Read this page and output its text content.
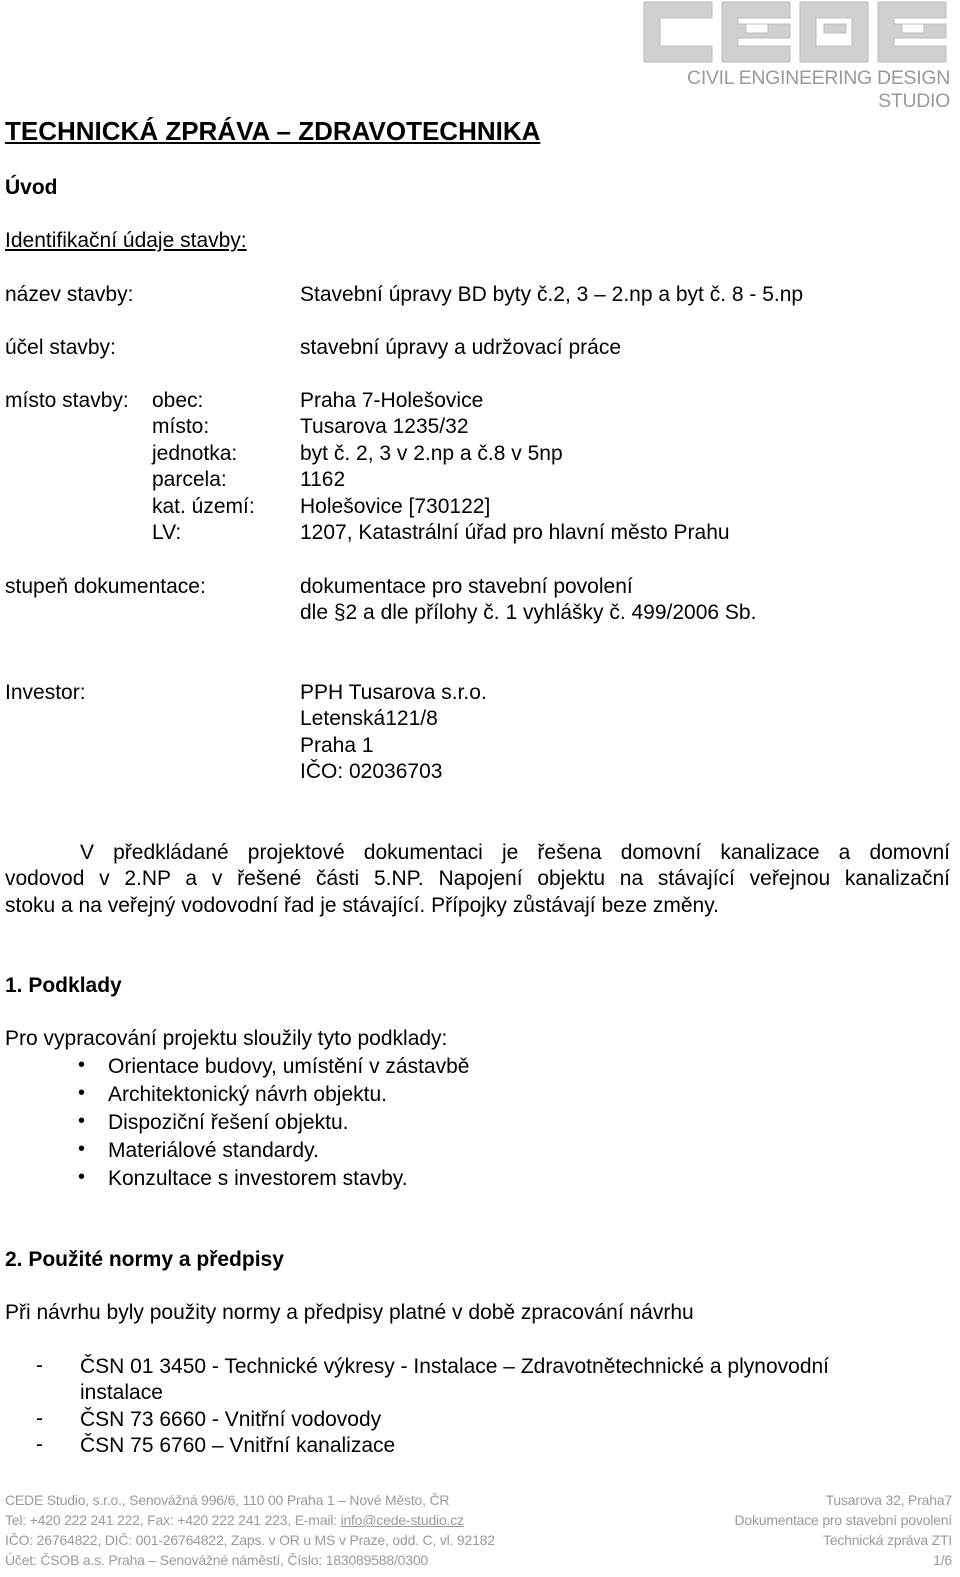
CIVIL ENGINEERING DESIGN STUDIO
TECHNICKÁ ZPRÁVA – ZDRAVOTECHNIKA
Úvod
Identifikační údaje stavby:
název stavby:	Stavební úpravy BD byty č.2, 3 – 2.np a byt č. 8 - 5.np
účel stavby:	stavební úpravy a udržovací práce
místo stavby: obec:	Praha 7-Holešovice
místo:	Tusarova 1235/32
jednotka:	byt č. 2, 3 v 2.np a č.8 v 5np
parcela:	1162
kat. území: Holešovice [730122]
LV:	1207, Katastrální úřad pro hlavní město Prahu
stupeň dokumentace:	dokumentace pro stavební povolení
dle §2 a dle přílohy č. 1 vyhlášky č. 499/2006 Sb.
Investor:	PPH Tusarova s.r.o.
Letenská121/8
Praha 1
IČO: 02036703
V předkládané projektové dokumentaci je řešena domovní kanalizace a domovní
vodovod v 2.NP a v řešené části 5.NP. Napojení objektu na stávající veřejnou kanalizační
stoku a na veřejný vodovodní řad je stávající. Přípojky zůstávají beze změny.
1. Podklady
Pro vypracování projektu sloužily tyto podklady:
• Orientace budovy, umístění v zástavbě
• Architektonický návrh objektu.
• Dispoziční řešení objektu.
• Materiálové standardy.
• Konzultace s investorem stavby.
2. Použité normy a předpisy
Při návrhu byly použity normy a předpisy platné v době zpracování návrhu
- ČSN 01 3450 - Technické výkresy - Instalace – Zdravotnětechnické a plynovodní instalace
- ČSN 73 6660 - Vnitřní vodovody
- ČSN 75 6760 – Vnitřní kanalizace
CEDE Studio, s.r.o., Senovážná 996/6, 110 00 Praha 1 – Nové Město, ČR
Tel: +420 222 241 222, Fax: +420 222 241 223, E-mail: info@cede-studio.cz
IČO: 26764822, DIČ: 001-26764822, Zaps. v OR u MS v Praze, odd. C, vl. 92182
Účet: ČSOB a.s. Praha – Senovážné náměstí, Číslo: 183089588/0300
Tusarova 32, Praha7
Dokumentace pro stavební povolení
Technická zpráva ZTI
1/6
